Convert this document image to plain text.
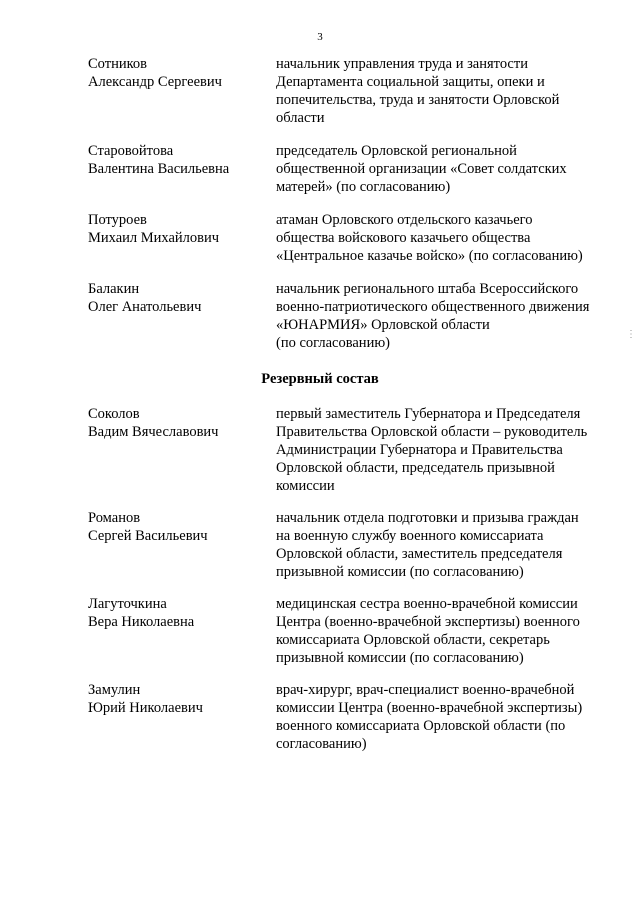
3
Сотников
Александр Сергеевич
начальник управления труда и занятости
Департамента социальной защиты, опеки и
попечительства, труда и занятости Орловской
области
Старовойтова
Валентина Васильевна
председатель Орловской региональной
общественной организации «Совет солдатских
матерей» (по согласованию)
Потуроев
Михаил Михайлович
атаман Орловского отдельского казачьего
общества войскового казачьего общества
«Центральное казачье войско» (по согласованию)
Балакин
Олег Анатольевич
начальник регионального штаба Всероссийского
военно-патриотического общественного движения
«ЮНАРМИЯ» Орловской области
(по согласованию)
⋮
Резервный состав
Соколов
Вадим Вячеславович
первый заместитель Губернатора и Председателя
Правительства Орловской области – руководитель
Администрации Губернатора и Правительства
Орловской области, председатель призывной
комиссии
Романов
Сергей Васильевич
начальник отдела подготовки и призыва граждан
на военную службу военного комиссариата
Орловской области, заместитель председателя
призывной комиссии (по согласованию)
Лагуточкина
Вера Николаевна
медицинская сестра военно-врачебной комиссии
Центра (военно-врачебной экспертизы) военного
комиссариата Орловской области, секретарь
призывной комиссии (по согласованию)
Замулин
Юрий Николаевич
врач-хирург, врач-специалист военно-врачебной
комиссии Центра (военно-врачебной экспертизы)
военного комиссариата Орловской области (по
согласованию)
